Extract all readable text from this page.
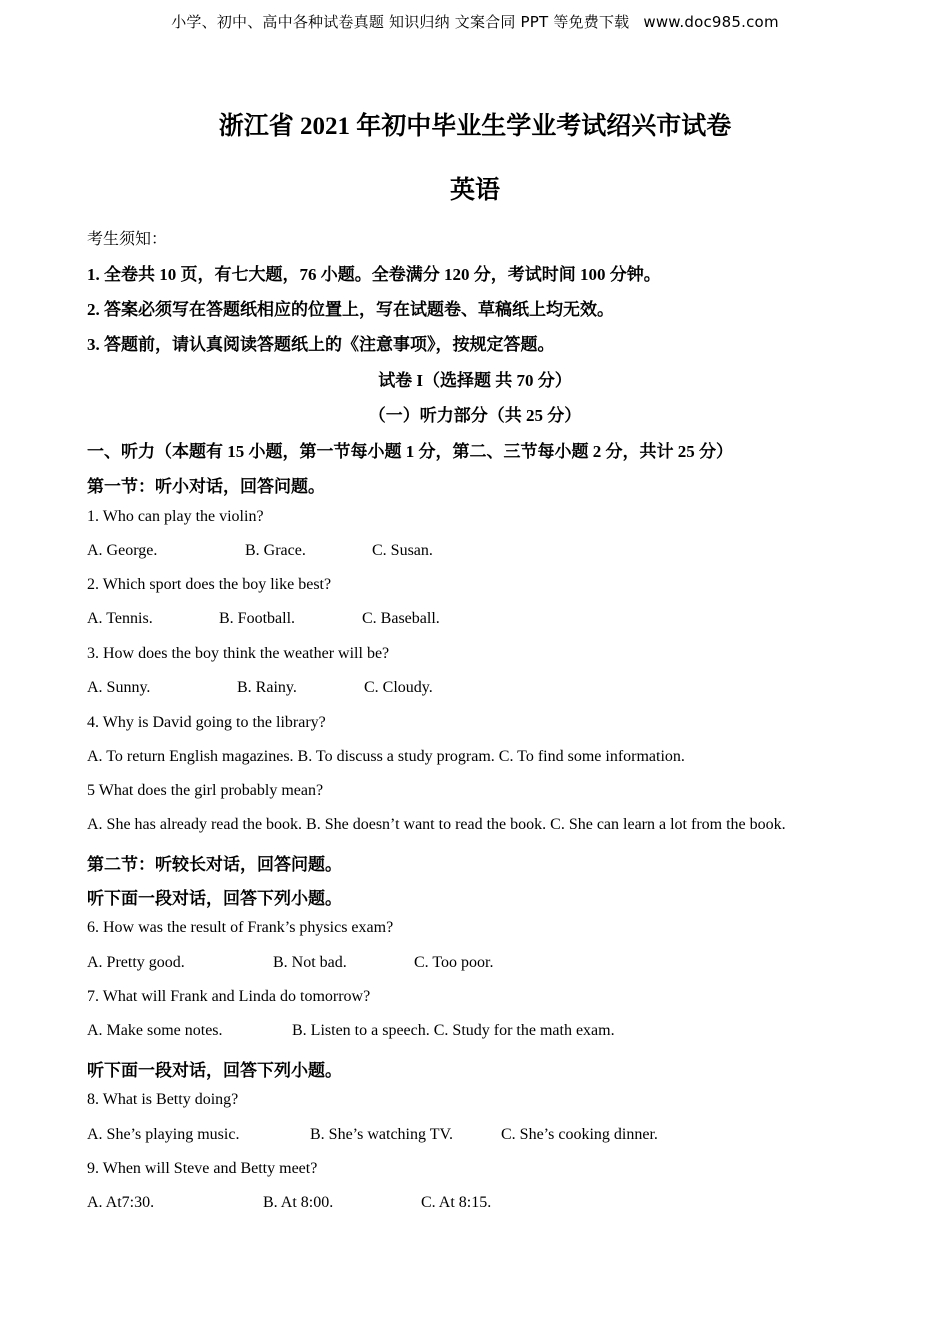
小学、初中、高中各种试卷真题 知识归纳 文案合同 PPT 等免费下载 www.doc985.com
浙江省 2021 年初中毕业生学业考试绍兴市试卷
英语
考生须知：
1. 全卷共 10 页，有七大题，76 小题。全卷满分 120 分，考试时间 100 分钟。
2. 答案必须写在答题纸相应的位置上，写在试题卷、草稿纸上均无效。
3. 答题前，请认真阅读答题纸上的《注意事项》，按规定答题。
试卷 I（选择题 共 70 分）
（一）听力部分（共 25 分）
一、听力（本题有 15 小题，第一节每小题 1 分，第二、三节每小题 2 分，共计 25 分）
第一节：听小对话，回答问题。
1. Who can play the violin?
A. George.	B. Grace.	C. Susan.
2. Which sport does the boy like best?
A. Tennis.	B. Football.	C. Baseball.
3. How does the boy think the weather will be?
A. Sunny.	B. Rainy.	C. Cloudy.
4. Why is David going to the library?
A. To return English magazines. B. To discuss a study program. C. To find some information.
5 What does the girl probably mean?
A. She has already read the book. B. She doesn’t want to read the book. C. She can learn a lot from the book.
第二节：听较长对话，回答问题。
听下面一段对话，回答下列小题。
6. How was the result of Frank’s physics exam?
A. Pretty good.	B. Not bad.	C. Too poor.
7. What will Frank and Linda do tomorrow?
A. Make some notes.	B. Listen to a speech. C. Study for the math exam.
听下面一段对话，回答下列小题。
8. What is Betty doing?
A. She’s playing music.	B. She’s watching TV.	C. She’s cooking dinner.
9. When will Steve and Betty meet?
A. At7:30.	B. At 8:00.	C. At 8:15.
